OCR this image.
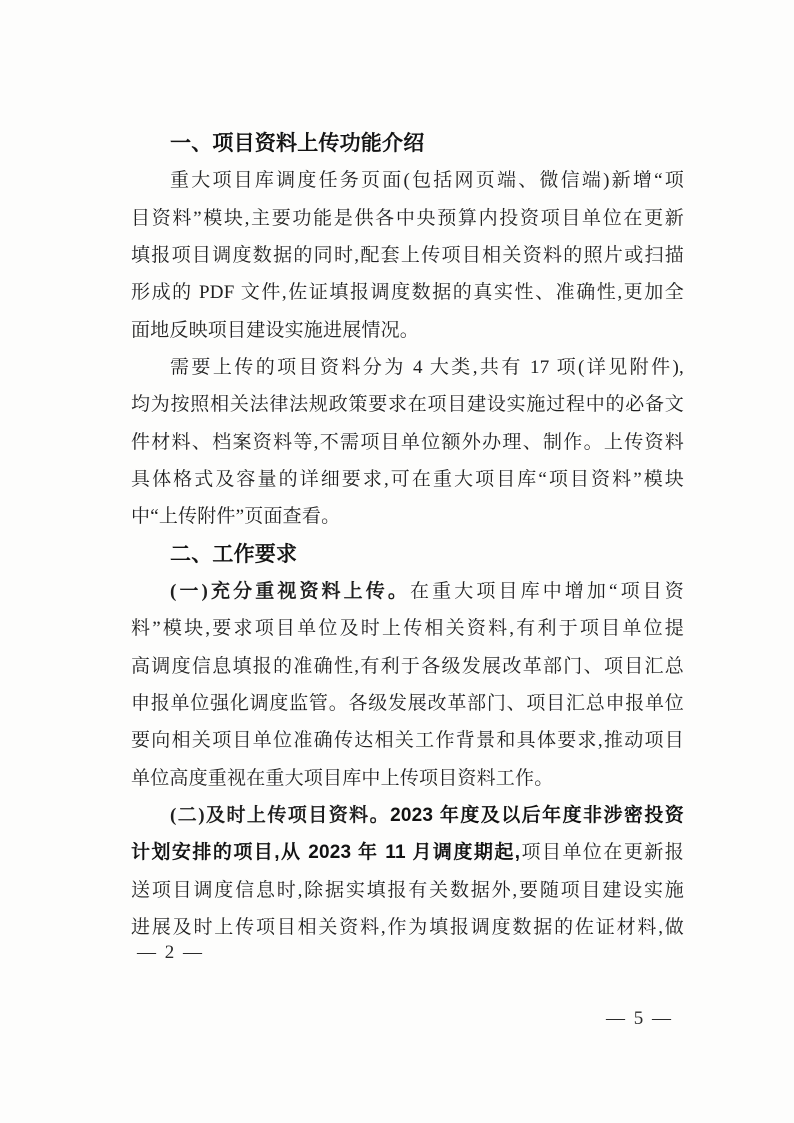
一、项目资料上传功能介绍
重大项目库调度任务页面(包括网页端、微信端)新增“项
目资料”模块,主要功能是供各中央预算内投资项目单位在更新
填报项目调度数据的同时,配套上传项目相关资料的照片或扫描
形成的 PDF 文件,佐证填报调度数据的真实性、准确性,更加全
面地反映项目建设实施进展情况。
需要上传的项目资料分为 4 大类,共有 17 项(详见附件),
均为按照相关法律法规政策要求在项目建设实施过程中的必备文
件材料、档案资料等,不需项目单位额外办理、制作。上传资料
具体格式及容量的详细要求,可在重大项目库“项目资料”模块
中“上传附件”页面查看。
二、工作要求
(一)充分重视资料上传。在重大项目库中增加“项目资
料”模块,要求项目单位及时上传相关资料,有利于项目单位提
高调度信息填报的准确性,有利于各级发展改革部门、项目汇总
申报单位强化调度监管。各级发展改革部门、项目汇总申报单位
要向相关项目单位准确传达相关工作背景和具体要求,推动项目
单位高度重视在重大项目库中上传项目资料工作。
(二)及时上传项目资料。2023 年度及以后年度非涉密投资
计划安排的项目,从 2023 年 11 月调度期起,项目单位在更新报
送项目调度信息时,除据实填报有关数据外,要随项目建设实施
进展及时上传项目相关资料,作为填报调度数据的佐证材料,做
— 2 —
— 5 —
